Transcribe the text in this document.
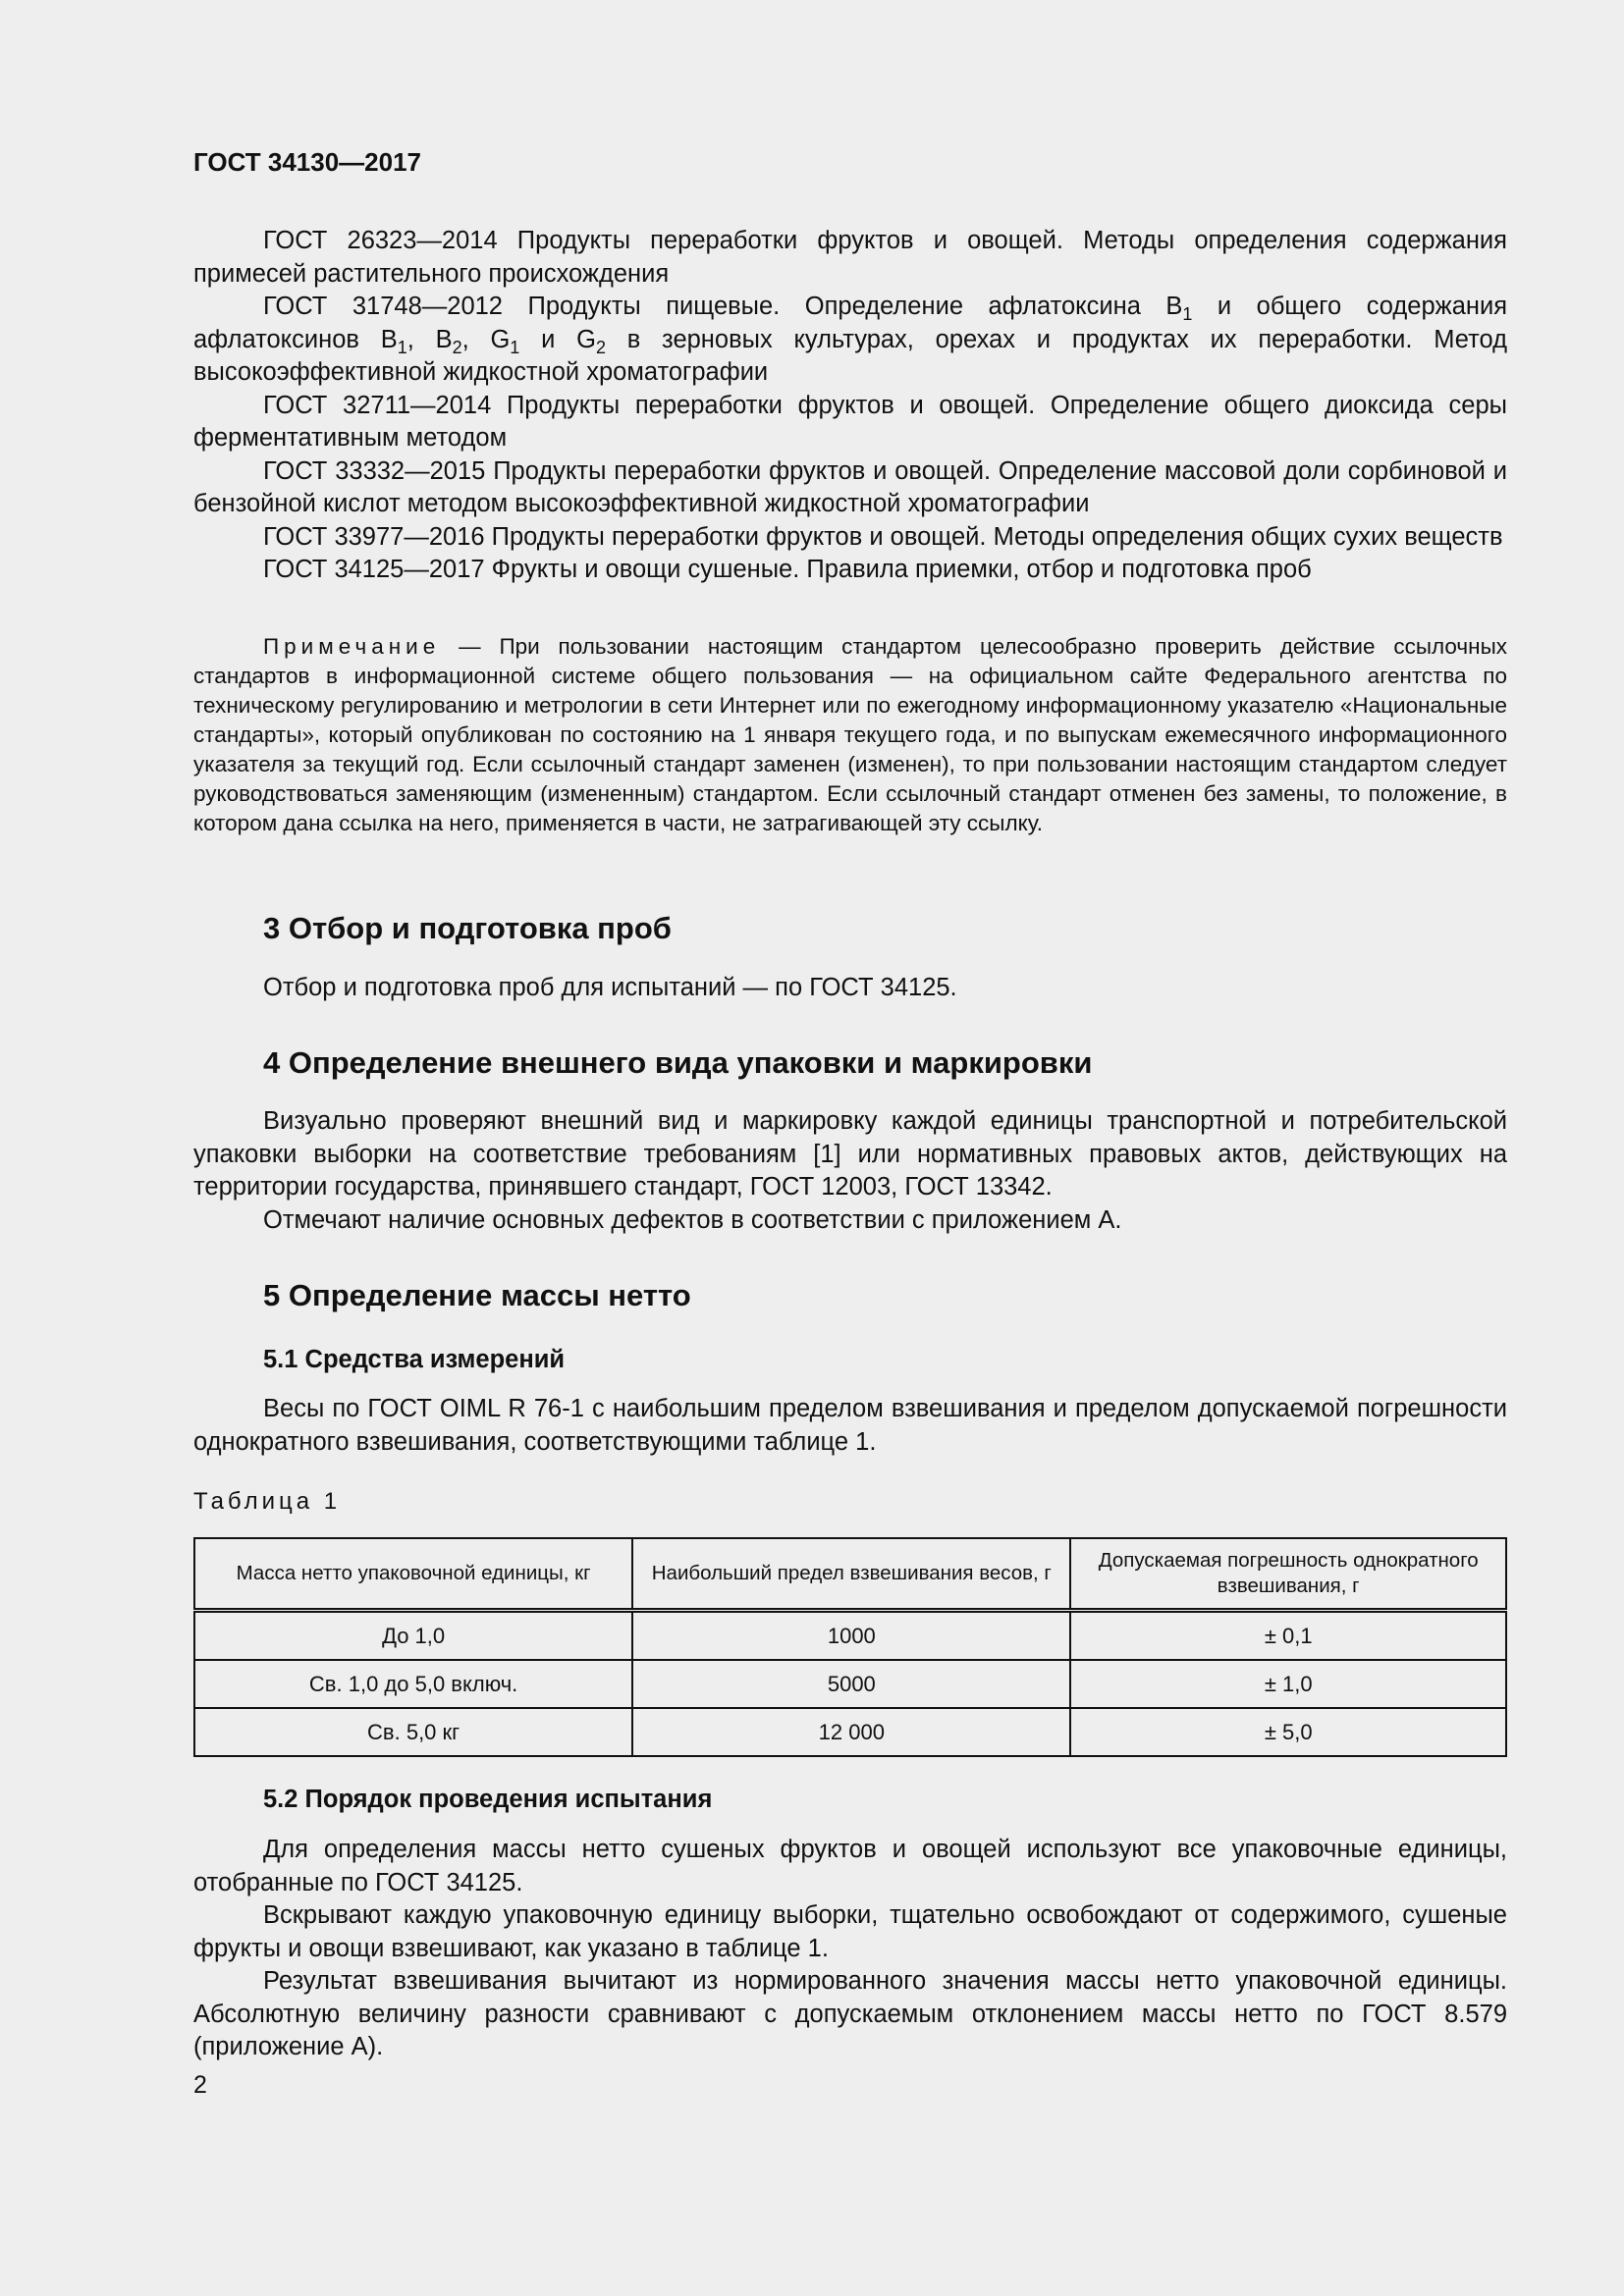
ГОСТ 34130—2017

ГОСТ 26323—2014 Продукты переработки фруктов и овощей. Методы определения содержания примесей растительного происхождения

ГОСТ 31748—2012 Продукты пищевые. Определение афлатоксина $В_1$ и общего содержания афлатоксинов $В_1$, $В_2$, $G_1$ и $G_2$ в зерновых культурах, орехах и продуктах их переработки. Метод высокоэффективной жидкостной хроматографии

ГОСТ 32711—2014 Продукты переработки фруктов и овощей. Определение общего диоксида серы ферментативным методом

ГОСТ 33332—2015 Продукты переработки фруктов и овощей. Определение массовой доли сорбиновой и бензойной кислот методом высокоэффективной жидкостной хроматографии

ГОСТ 33977—2016 Продукты переработки фруктов и овощей. Методы определения общих сухих веществ

ГОСТ 34125—2017 Фрукты и овощи сушеные. Правила приемки, отбор и подготовка проб

Примечание — При пользовании настоящим стандартом целесообразно проверить действие ссылочных стандартов в информационной системе общего пользования — на официальном сайте Федерального агентства по техническому регулированию и метрологии в сети Интернет или по ежегодному информационному указателю «Национальные стандарты», который опубликован по состоянию на 1 января текущего года, и по выпускам ежемесячного информационного указателя за текущий год. Если ссылочный стандарт заменен (изменен), то при пользовании настоящим стандартом следует руководствоваться заменяющим (измененным) стандартом. Если ссылочный стандарт отменен без замены, то положение, в котором дана ссылка на него, применяется в части, не затрагивающей эту ссылку.

3 Отбор и подготовка проб

Отбор и подготовка проб для испытаний — по ГОСТ 34125.

4 Определение внешнего вида упаковки и маркировки

Визуально проверяют внешний вид и маркировку каждой единицы транспортной и потребительской упаковки выборки на соответствие требованиям [1] или нормативных правовых актов, действующих на территории государства, принявшего стандарт, ГОСТ 12003, ГОСТ 13342.

Отмечают наличие основных дефектов в соответствии с приложением А.

5 Определение массы нетто
5.1 Средства измерений

Весы по ГОСТ OIML R 76-1 с наибольшим пределом взвешивания и пределом допускаемой погрешности однократного взвешивания, соответствующими таблице 1.

Таблица 1
Масса нетто упаковочной единицы, кг	Наибольший предел взвешивания весов, г	Допускаемая погрешность однократного взвешивания, г
До 1,0	1000	± 0,1
Св. 1,0 до 5,0 включ.	5000	± 1,0
Св. 5,0 кг	12 000	± 5,0
5.2 Порядок проведения испытания

Для определения массы нетто сушеных фруктов и овощей используют все упаковочные единицы, отобранные по ГОСТ 34125.

Вскрывают каждую упаковочную единицу выборки, тщательно освобождают от содержимого, сушеные фрукты и овощи взвешивают, как указано в таблице 1.

Результат взвешивания вычитают из нормированного значения массы нетто упаковочной единицы. Абсолютную величину разности сравнивают с допускаемым отклонением массы нетто по ГОСТ 8.579 (приложение А).

2
